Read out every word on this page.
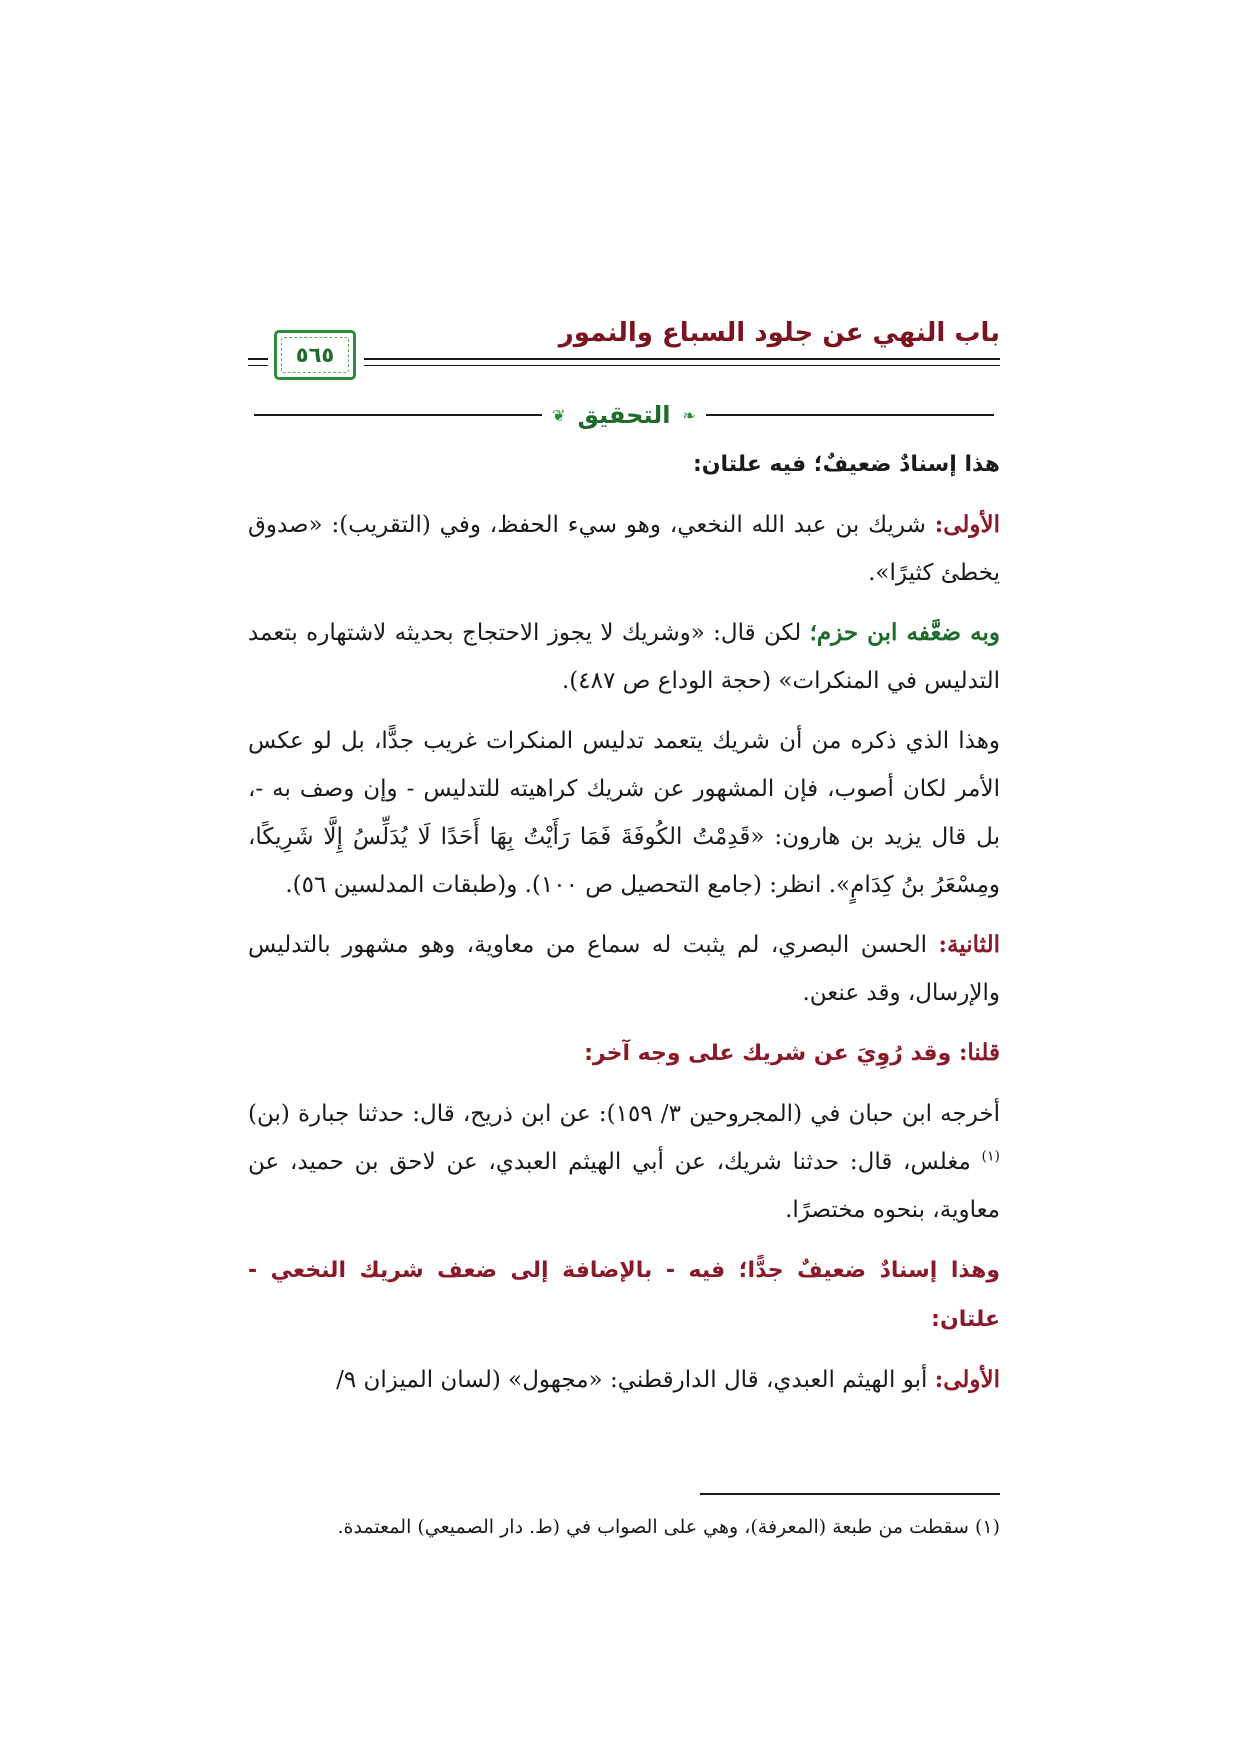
باب النهي عن جلود السباع والنمور
٥٦٥
❧
التحقيق
❦

هذا إسنادٌ ضعيفٌ؛ فيه علتان:

الأولى: شريك بن عبد الله النخعي، وهو سيء الحفظ، وفي (التقريب): «صدوق يخطئ كثيرًا».

وبه ضعَّفه ابن حزم؛ لكن قال: «وشريك لا يجوز الاحتجاج بحديثه لاشتهاره بتعمد التدليس في المنكرات» (حجة الوداع ص ٤٨٧).

وهذا الذي ذكره من أن شريك يتعمد تدليس المنكرات غريب جدًّا، بل لو عكس الأمر لكان أصوب، فإن المشهور عن شريك كراهيته للتدليس - وإن وصف به -، بل قال يزيد بن هارون: «قَدِمْتُ الكُوفَةَ فَمَا رَأَيْتُ بِهَا أَحَدًا لَا يُدَلِّسُ إِلَّا شَرِيكًا، ومِسْعَرُ بنُ كِدَامٍ». انظر: (جامع التحصيل ص ١٠٠). و(طبقات المدلسين ٥٦).

الثانية: الحسن البصري، لم يثبت له سماع من معاوية، وهو مشهور بالتدليس والإرسال، وقد عنعن.

قلنا: وقد رُوِيَ عن شريك على وجه آخر:

أخرجه ابن حبان في (المجروحين ٣/ ١٥٩): عن ابن ذريح، قال: حدثنا جبارة (بن)$^{(١)}$ مغلس، قال: حدثنا شريك، عن أبي الهيثم العبدي، عن لاحق بن حميد، عن معاوية، بنحوه مختصرًا.

وهذا إسنادٌ ضعيفٌ جدًّا؛ فيه - بالإضافة إلى ضعف شريك النخعي - علتان:

الأولى: أبو الهيثم العبدي، قال الدارقطني: «مجهول» (لسان الميزان ٩/

(١) سقطت من طبعة (المعرفة)، وهي على الصواب في (ط. دار الصميعي) المعتمدة.
